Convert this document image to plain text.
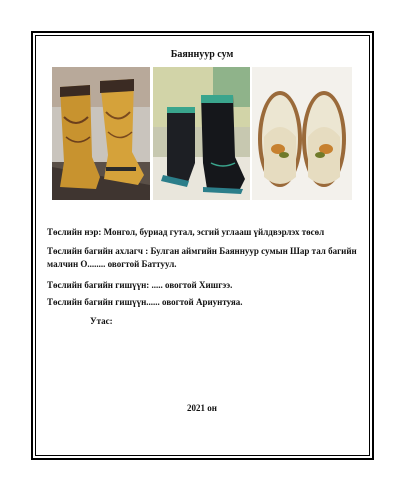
Баяннуур сум
Төслийн нэр: Монгол, буриад гутал, эсгий углааш үйлдвэрлэх төсөл
Төслийн багийн ахлагч : Булган аймгийн Баяннуур сумын Шар тал багийн малчин О........ овогтой Баттуул.
Төслийн багийн гишүүн: ..... овогтой Хишгээ.
Төслийн багийн гишүүн...... овогтой Ариунтуяа.
Утас:
2021 он
